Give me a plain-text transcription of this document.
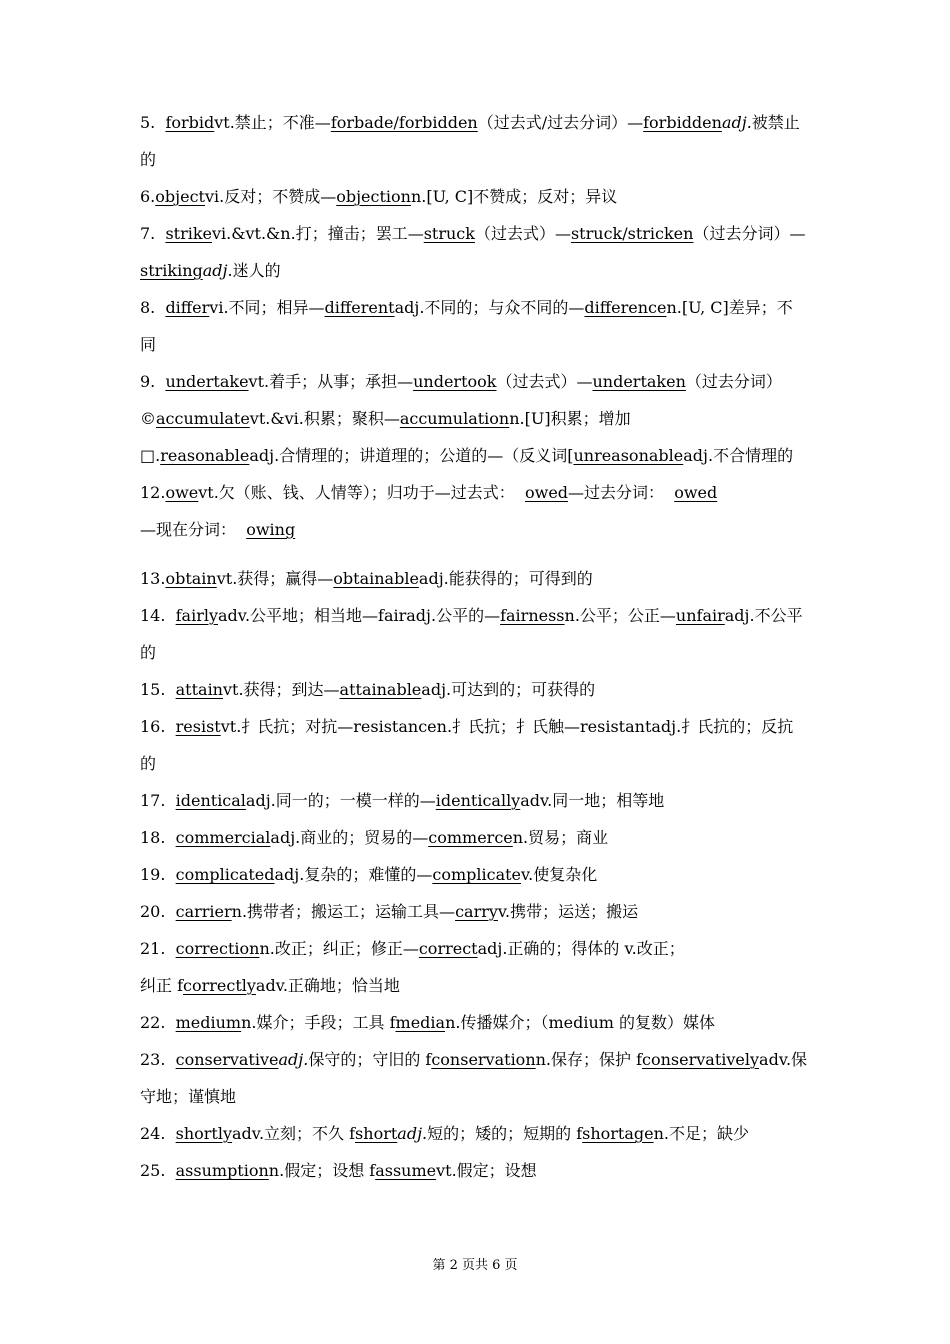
5.  forbidvt.禁止；不准—forbade/forbidden（过去式/过去分词）—forbiddenadj.被禁止的

6.objectvi.反对；不赞成—objectionn.[U, C]不赞成；反对；异议

7.  strikevi.&vt.&n.打；撞击；罢工—struck（过去式）—struck/stricken（过去分词）—strikingadj.迷人的

8.  differvi.不同；相异—differentadj.不同的；与众不同的—differencen.[U, C]差异；不同

9.  undertakevt.着手；从事；承担—undertook（过去式）—undertaken（过去分词）

©accumulatevt.&vi.积累；聚积—accumulationn.[U]积累；增加

□.reasonableadj.合情理的；讲道理的；公道的—（反义词[unreasonableadj.不合情理的

12.owevt.欠（账、钱、人情等）；归功于—过去式：  owed—过去分词：  owed
—现在分词：  owing

13.obtainvt.获得；赢得—obtainableadj.能获得的；可得到的

14.  fairlyadv.公平地；相当地—fairadj.公平的—fairnessn.公平；公正—unfairadj.不公平的

15.  attainvt.获得；到达—attainableadj.可达到的；可获得的

16.  resistvt.扌氏抗；对抗—resistancen.扌氏抗；扌氏触—resistantadj.扌氏抗的；反抗的

17.  identicaladj.同一的；一模一样的—identicallyadv.同一地；相等地

18.  commercialadj.商业的；贸易的—commercen.贸易；商业

19.  complicatedadj.复杂的；难懂的—complicatev.使复杂化

20.  carriern.携带者；搬运工；运输工具—carryv.携带；运送；搬运

21.  correctionn.改正；纠正；修正—correctadj.正确的；得体的 v.改正；
纠正 fcorrectlyadv.正确地；恰当地

22.  mediumn.媒介；手段；工具 fmedian.传播媒介；（medium 的复数）媒体

23.  conservativeadj.保守的；守旧的 fconservationn.保存；保护 fconservativelyadv.保守地；谨慎地

24.  shortlyadv.立刻；不久 fshortadj.短的；矮的；短期的 fshortagen.不足；缺少

25.  assumptionn.假定；设想 fassumevt.假定；设想

第 2 页共 6 页
